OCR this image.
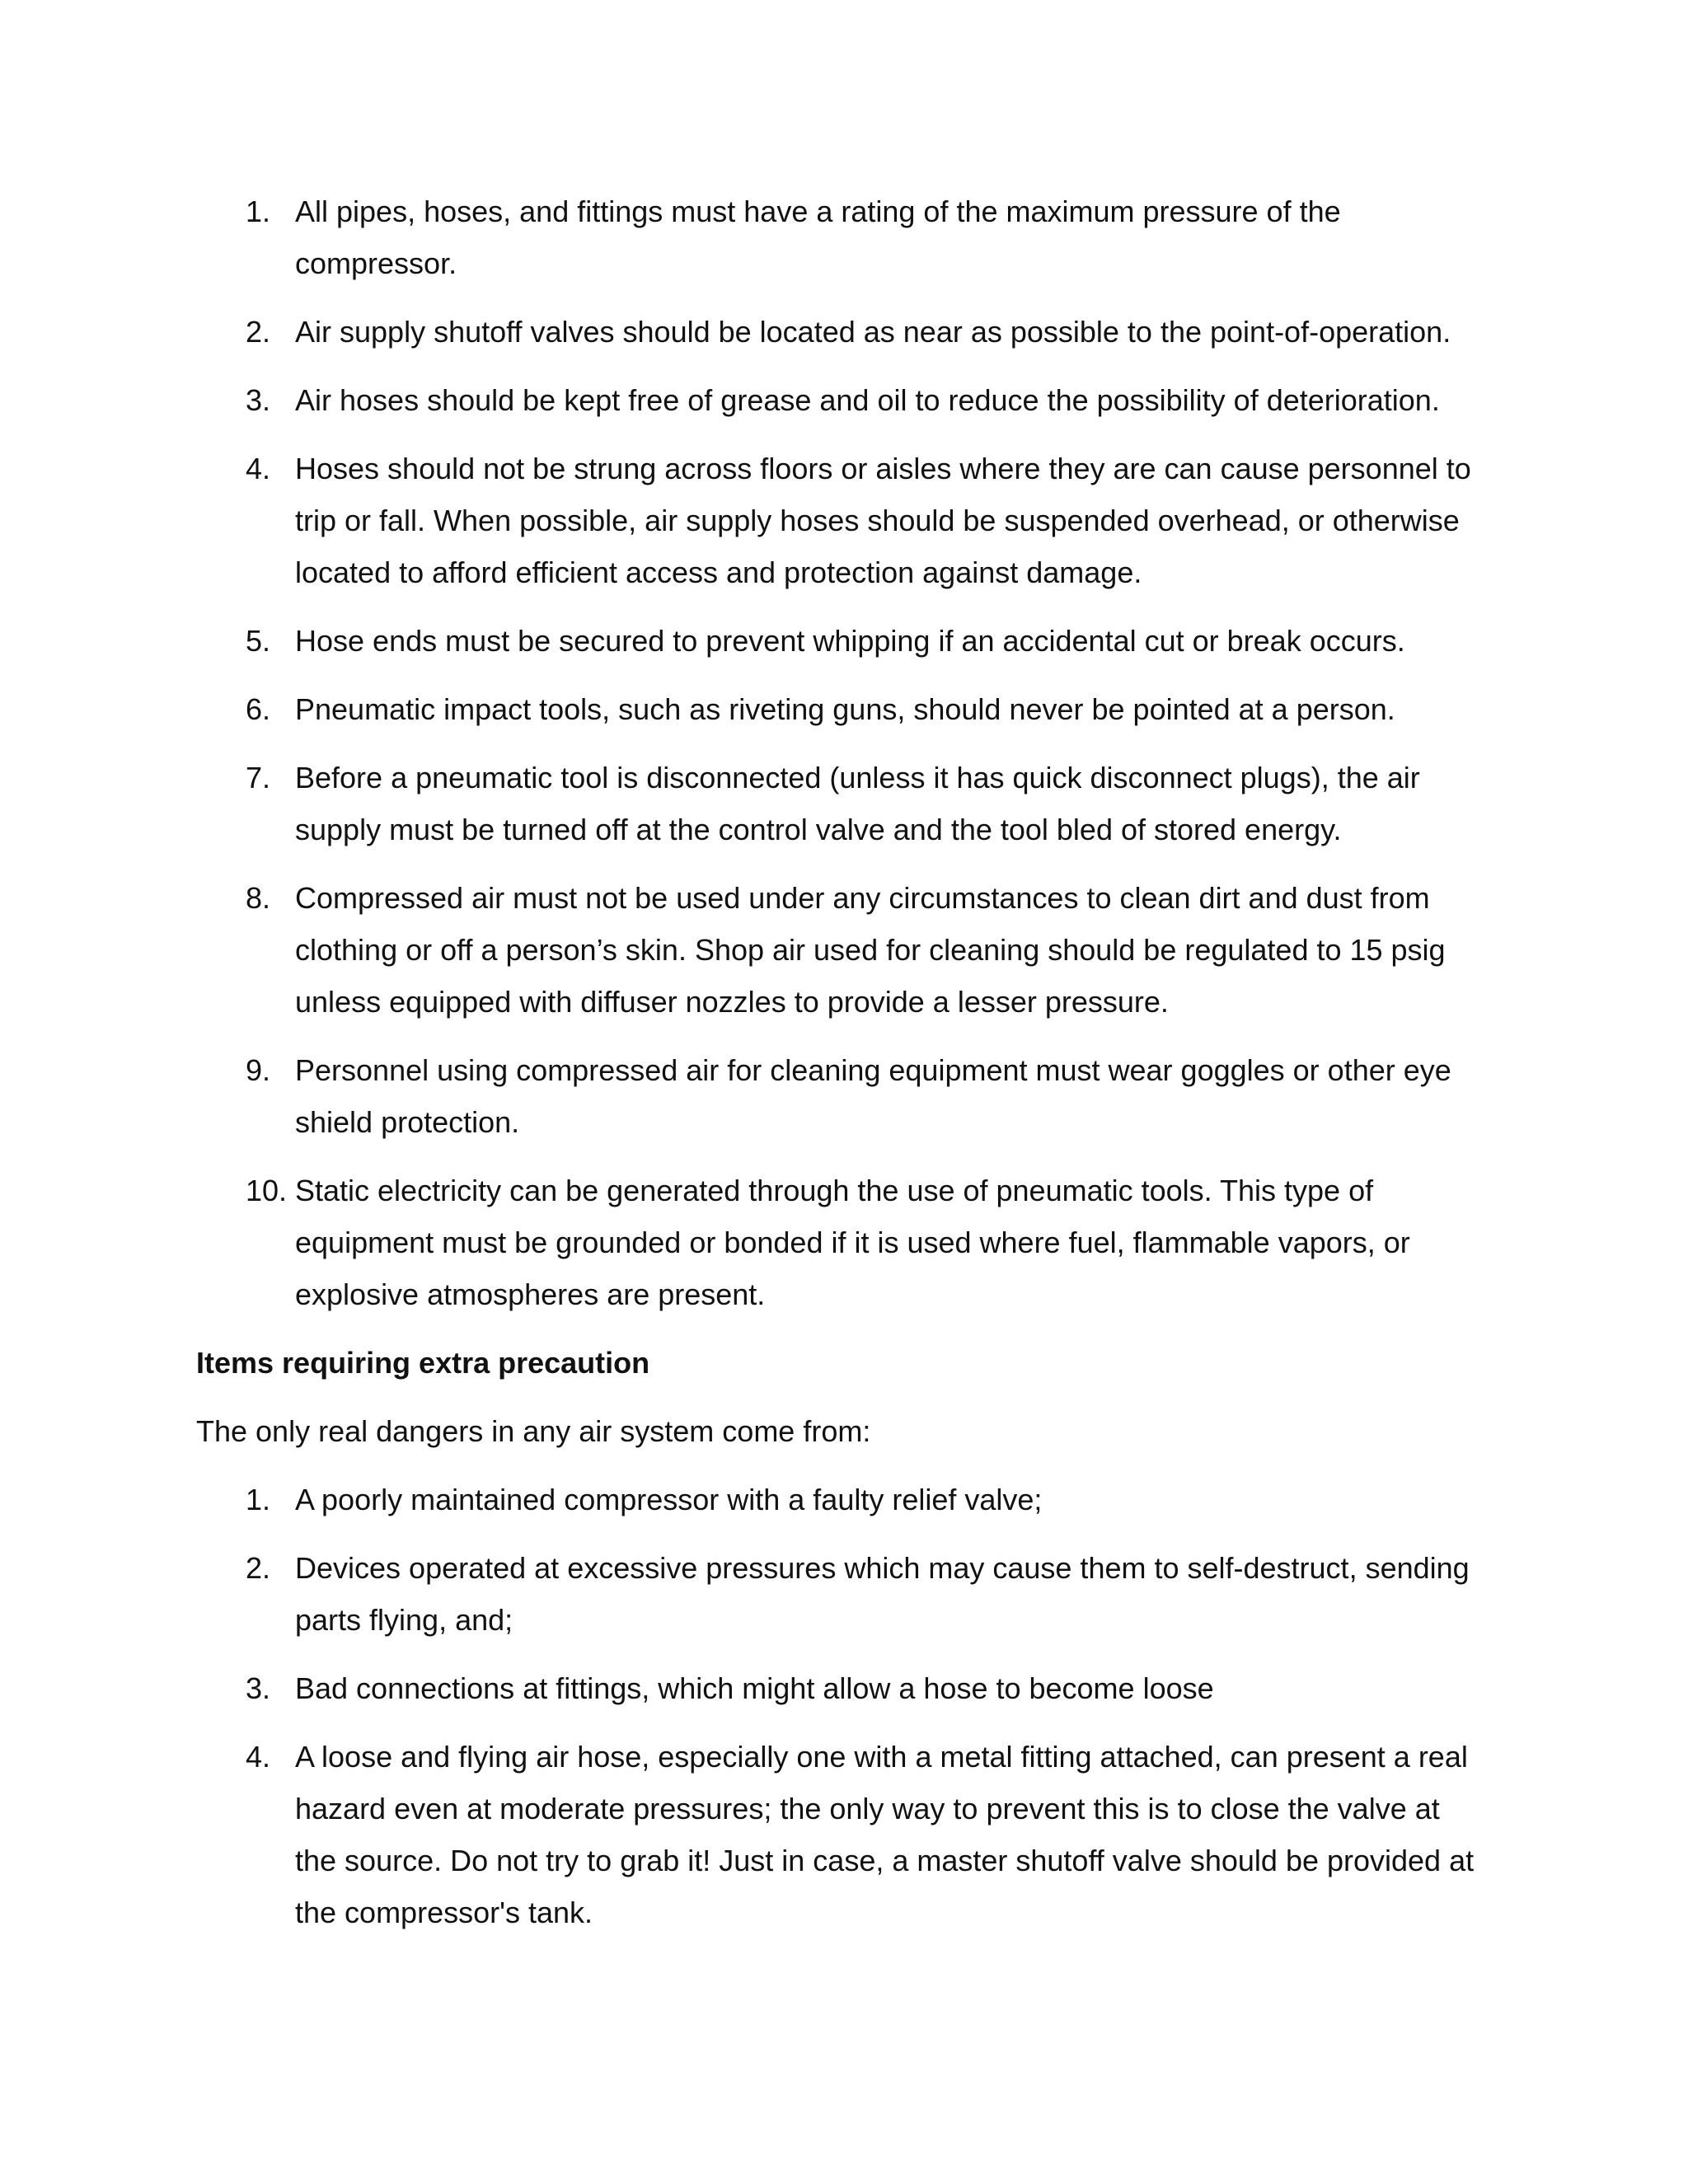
1. All pipes, hoses, and fittings must have a rating of the maximum pressure of the compressor.
2. Air supply shutoff valves should be located as near as possible to the point-of-operation.
3. Air hoses should be kept free of grease and oil to reduce the possibility of deterioration.
4. Hoses should not be strung across floors or aisles where they are can cause personnel to trip or fall. When possible, air supply hoses should be suspended overhead, or otherwise located to afford efficient access and protection against damage.
5. Hose ends must be secured to prevent whipping if an accidental cut or break occurs.
6. Pneumatic impact tools, such as riveting guns, should never be pointed at a person.
7. Before a pneumatic tool is disconnected (unless it has quick disconnect plugs), the air supply must be turned off at the control valve and the tool bled of stored energy.
8. Compressed air must not be used under any circumstances to clean dirt and dust from clothing or off a person’s skin. Shop air used for cleaning should be regulated to 15 psig unless equipped with diffuser nozzles to provide a lesser pressure.
9. Personnel using compressed air for cleaning equipment must wear goggles or other eye shield protection.
10. Static electricity can be generated through the use of pneumatic tools. This type of equipment must be grounded or bonded if it is used where fuel, flammable vapors, or explosive atmospheres are present.
Items requiring extra precaution
The only real dangers in any air system come from:
1. A poorly maintained compressor with a faulty relief valve;
2. Devices operated at excessive pressures which may cause them to self-destruct, sending parts flying, and;
3. Bad connections at fittings, which might allow a hose to become loose
4. A loose and flying air hose, especially one with a metal fitting attached, can present a real hazard even at moderate pressures; the only way to prevent this is to close the valve at the source. Do not try to grab it! Just in case, a master shutoff valve should be provided at the compressor's tank.
